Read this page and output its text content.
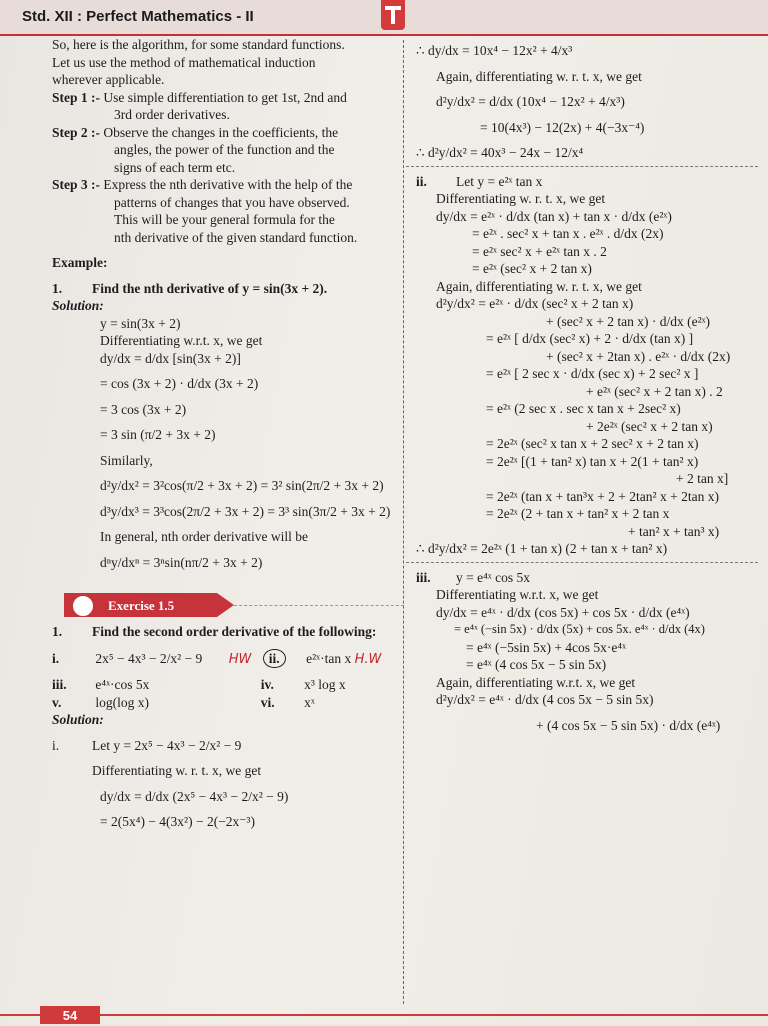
Std. XII : Perfect Mathematics - II
So, here is the algorithm, for some standard functions.
Let us use the method of mathematical induction
wherever applicable.
Step 1 :- Use simple differentiation to get 1st, 2nd and
3rd order derivatives.
Step 2 :- Observe the changes in the coefficients, the
angles, the power of the function and the
signs of each term etc.
Step 3 :- Express the nth derivative with the help of the
patterns of changes that you have observed.
This will be your general formula for the
nth derivative of the given standard function.
Example:
1. Find the nth derivative of y = sin(3x + 2).
Solution:
y = sin(3x + 2)
Differentiating w.r.t. x, we get
dy/dx = d/dx [sin(3x + 2)]
= cos (3x + 2) · d/dx (3x + 2)
= 3 cos (3x + 2)
= 3 sin (π/2 + 3x + 2)
Similarly,
d²y/dx² = 3²cos(π/2 + 3x + 2) = 3² sin(2π/2 + 3x + 2)
d³y/dx³ = 3³cos(2π/2 + 3x + 2) = 3³ sin(3π/2 + 3x + 2)
In general, nth order derivative will be
dⁿy/dxⁿ = 3ⁿsin(nπ/2 + 3x + 2)
Exercise 1.5
1. Find the second order derivative of the following:
i.	2x⁵ − 4x³ − 2/x² − 9 HW ii. e²ˣ·tan x H.W
iii. e⁴ˣ·cos 5x	iv. x³ log x
v.	log(log x)	vi. xˣ
Solution:
i. Let y = 2x⁵ − 4x³ − 2/x² − 9
Differentiating w. r. t. x, we get
dy/dx = d/dx (2x⁵ − 4x³ − 2/x² − 9)
= 2(5x⁴) − 4(3x²) − 2(−2x⁻³)
∴ dy/dx = 10x⁴ − 12x² + 4/x³
Again, differentiating w. r. t. x, we get
d²y/dx² = d/dx (10x⁴ − 12x² + 4/x³)
= 10(4x³) − 12(2x) + 4(−3x⁻⁴)
∴ d²y/dx² = 40x³ − 24x − 12/x⁴
ii. Let y = e²ˣ tan x
Differentiating w. r. t. x, we get
dy/dx = e²ˣ · d/dx (tan x) + tan x · d/dx (e²ˣ)
= e²ˣ . sec² x + tan x . e²ˣ . d/dx (2x)
= e²ˣ sec² x + e²ˣ tan x . 2
= e²ˣ (sec² x + 2 tan x)
Again, differentiating w. r. t. x, we get
d²y/dx² = e²ˣ · d/dx (sec² x + 2 tan x)
+ (sec² x + 2 tan x) · d/dx (e²ˣ)
= e²ˣ [ d/dx (sec² x) + 2 · d/dx (tan x) ]
+ (sec² x + 2tan x) . e²ˣ · d/dx (2x)
= e²ˣ [ 2 sec x · d/dx (sec x) + 2 sec² x ]
+ e²ˣ (sec² x + 2 tan x) . 2
= e²ˣ (2 sec x . sec x tan x + 2sec² x)
+ 2e²ˣ (sec² x + 2 tan x)
= 2e²ˣ (sec² x tan x + 2 sec² x + 2 tan x)
= 2e²ˣ [(1 + tan² x) tan x + 2(1 + tan² x)
+ 2 tan x]
= 2e²ˣ (tan x + tan³x + 2 + 2tan² x + 2tan x)
= 2e²ˣ (2 + tan x + tan² x + 2 tan x
+ tan² x + tan³ x)
∴ d²y/dx² = 2e²ˣ (1 + tan x) (2 + tan x + tan² x)
iii. y = e⁴ˣ cos 5x
Differentiating w.r.t. x, we get
dy/dx = e⁴ˣ · d/dx (cos 5x) + cos 5x · d/dx (e⁴ˣ)
= e⁴ˣ (−sin 5x) · d/dx (5x) + cos 5x. e⁴ˣ · d/dx (4x)
= e⁴ˣ (−5sin 5x) + 4cos 5x·e⁴ˣ
= e⁴ˣ (4 cos 5x − 5 sin 5x)
Again, differentiating w.r.t. x, we get
d²y/dx² = e⁴ˣ · d/dx (4 cos 5x − 5 sin 5x)
+ (4 cos 5x − 5 sin 5x) · d/dx (e⁴ˣ)
54
